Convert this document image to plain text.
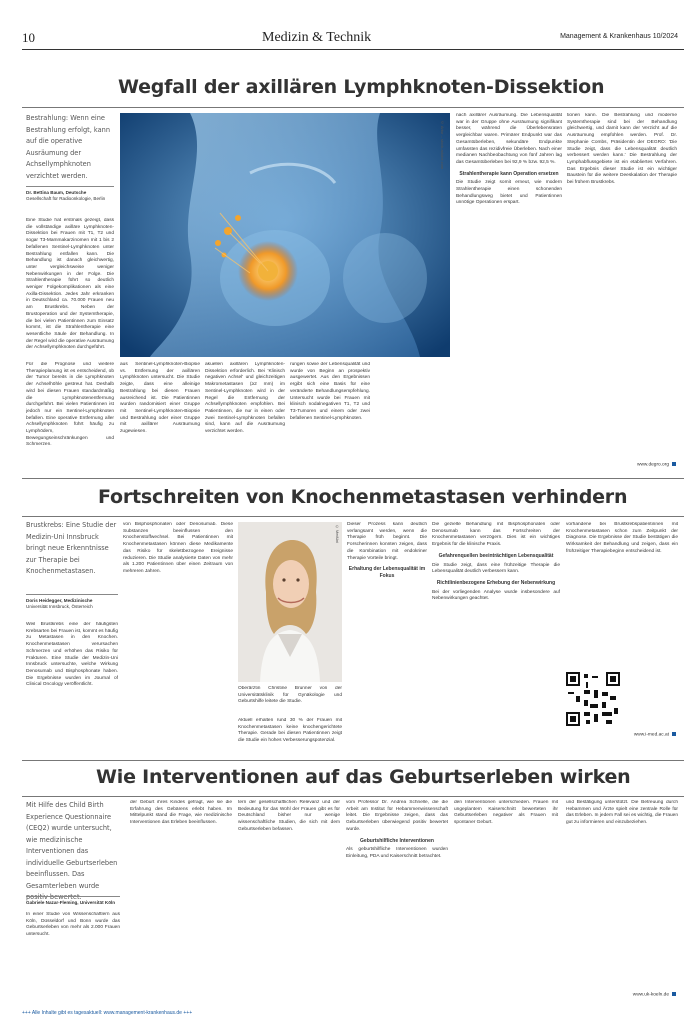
10	Medizin & Technik	Management & Krankenhaus 10/2024
Wegfall der axillären Lymphknoten-Dissektion
Bestrahlung: Wenn eine Bestrahlung erfolgt, kann auf die operative Ausräumung der Achsellymphknoten verzichtet werden.
Dr. Bettina Baum, Deutsche
Gesellschaft für Radioonkologie, Berlin
© Artur – stock.adobe.com

Eine Studie hat erstmals gezeigt, dass die vollständige axilläre Lymphknoten-Dissektion bei Frauen mit T1, T2 und sogar T3-Mammakarzinomen mit 1 bis 2 befallenen Sentinel-Lymphknoten unter Bestrahlung entfallen kann. Die Behandlung ist danach gleichwertig, unter vergleichsweise weniger Nebenwirkungen in der Folge. Die Strahlentherapie führt so deutlich weniger Folgekomplikationen als eine Axilla-Dissektion. Jedes Jahr erkranken in Deutschland ca. 70.000 Frauen neu am Brustkrebs. Neben der Brustoperation und der Systemtherapie, die bei vielen Patientinnen zum Einsatz kommt, ist die Strahlentherapie eine wesentliche Säule der Behandlung. In der Regel wird die operative Ausräumung der Achsellymphknoten durchgeführt.

Für die Prognose und weitere Therapieplanung ist es entscheidend, ob der Tumor bereits in die Lymphknoten der Achselhöhle gestreut hat. Deshalb wird bei diesen Frauen standardmäßig die Lymphknotenentfernung durchgeführt. Bei vielen Patientinnen ist jedoch nur ein Sentinel-Lymphknoten befallen. Eine operative Entfernung aller Achsellymphknoten führt häufig zu Lymphödem, Bewegungseinschränkungen und Schmerzen.

aus Sentinel-Lymphknoten-Biopsie vs. Entfernung der axillären Lymphknoten untersucht. Die Studie zeigte, dass eine alleinige Bestrahlung bei diesen Frauen ausreichend ist. Die Patientinnen wurden randomisiert einer Gruppe mit Sentinel-Lymphknoten-Biopsie und Bestrahlung oder einer Gruppe mit axillärer Ausräumung zugewiesen.

akuellen axillären Lymphknoten-Dissektion erforderlich. Bei 'Klinisch negativen Achsel' und gleichzeitigen Makrometastasen (≥2 mm) im Sentinel-Lymphknoten wird in der Regel die Entfernung der Achsellymphknoten empfohlen. Bei Patientinnen, die nur in einen oder zwei Sentinel-Lymphknoten befallen sind, kann auf die Ausräumung verzichtet werden.

rungen sowie der Lebensqualität und wurde von Beginn an prospektiv ausgewertet. Aus den Ergebnissen ergibt sich eine Basis für eine veränderte Behandlungsempfehlung. Untersucht wurde bei Frauen mit klinisch nodalnegativen T1, T2 und T3-Tumoren und einem oder zwei befallenen Sentinel-Lymphknoten.

nach axillärer Ausräumung. Die Lebensqualität war in der Gruppe ohne Ausräumung signifikant besser, während die Überlebensraten vergleichbar waren. Primärer Endpunkt war das Gesamtüberleben, sekundäre Endpunkte umfassten das rezidivfreie Überleben. Nach einer medianen Nachbeobachtung von fünf Jahren lag das Gesamtüberleben bei 92,9 % bzw. 92,5 %.

Strahlentherapie kann Operation ersetzen

Die Studie zeigt somit erneut, wie modern Strahlentherapie einen schonenden Behandlungsweg bietet und Patientinnen unnötige Operationen erspart.

tionen kann. Die Bestrahlung und moderne Systemtherapie sind bei der Behandlung gleichwertig, und damit kann der Verzicht auf die Ausräumung empfohlen werden. Prof. Dr. Stephanie Combs, Präsidentin der DEGRO: 'Die Studie zeigt, dass die Lebensqualität deutlich verbessert werden kann.' Die Bestrahlung der Lymphabflussgebiete ist ein etabliertes Verfahren. Das Ergebnis dieser Studie ist ein wichtiger Baustein für die weitere Deeskalation der Therapie bei frühem Brustkrebs.

www.degro.org
Fortschreiten von Knochenmetastasen verhindern
Brustkrebs: Eine Studie der Medizin-Uni Innsbruck bringt neue Erkenntnisse zur Therapie bei Knochenmetastasen.
Doris Heidegger, Medizinische
Universität Innsbruck, Österreich

Weil Brustkrebs eine der häufigsten Krebsarten bei Frauen ist, kommt es häufig zu Metastasen in den Knochen. Knochenmetastasen verursachen Schmerzen und erhöhen das Risiko für Frakturen. Eine Studie der Medizin-Uni Innsbruck untersuchte, welche Wirkung Denosumab und Bisphosphonate haben. Die Ergebnisse wurden im Journal of Clinical Oncology veröffentlicht.

von Bisphosphonaten oder Denosumab. Diese Substanzen beeinflussen den Knochenstoffwechsel. Bei Patientinnen mit Knochenmetastasen können diese Medikamente das Risiko für skelettbezogene Ereignisse reduzieren. Die Studie analysierte Daten von mehr als 1.200 Patientinnen über einen Zeitraum von mehreren Jahren.

© MedUni
Oberärztin Christine Brunner von der Universitätsklinik für Gynäkologie und Geburtshilfe leitete die Studie.

Aktuell erhalten rund 30 % der Frauen mit Knochenmetastasen keine knochengerichtete Therapie. Gerade bei diesen Patientinnen zeigt die Studie ein hohes Verbesserungspotenzial.

Dieser Prozess kann deutlich verlangsamt werden, wenn die Therapie früh beginnt. Die Forscherinnen konnten zeigen, dass die Kombination mit endokriner Therapie Vorteile bringt.

Erhaltung der Lebensqualität im Fokus

Die gezielte Behandlung mit Bisphosphonaten oder Denosumab kann das Fortschreiten der Knochenmetastasen verzögern. Dies ist ein wichtiges Ergebnis für die klinische Praxis.

Gefahrenquellen beeinträchtigen Lebensqualität

Die Studie zeigt, dass eine frühzeitige Therapie die Lebensqualität deutlich verbessern kann.

Richtlinienbezogene Erhebung der Nebenwirkung

Bei der vorliegenden Analyse wurde insbesondere auf Nebenwirkungen geachtet.

vorhandene bei Brustkrebspatientinnen mit Knochenmetastasen schon zum Zeitpunkt der Diagnose. Die Ergebnisse der Studie bestätigen die Wirksamkeit der Behandlung und zeigen, dass ein frühzeitiger Therapiebeginn entscheidend ist.

www.i-med.ac.at
Wie Interventionen auf das Geburtserleben wirken
Mit Hilfe des Child Birth Experience Questionnaire (CEQ2) wurde untersucht, wie medizinische Interventionen das individuelle Geburtserleben beeinflussen. Das Gesamterleben wurde positiv bewertet.
Gabriele Nazar-Fleming, Universität Köln

In einer Studie von Wissenschaftlern aus Köln, Düsseldorf und Bonn wurde das Geburtserleben von mehr als 2.000 Frauen untersucht.

der Geburt ihres Kindes gefragt, wie sie die Erfahrung des Gebärens erlebt haben. Im Mittelpunkt stand die Frage, wie medizinische Interventionen das Erleben beeinflussen.

tern der gesellschaftlichen Relevanz und der Bedeutung für das Wohl der Frauen gibt es für Deutschland bisher nur wenige wissenschaftliche Studien, die sich mit dem Geburtserleben befassen.

vom Professor Dr. Andrea Schnelle, die die Arbeit am Institut für Hebammenwissenschaft leitet. Die Ergebnisse zeigen, dass das Geburtserleben überwiegend positiv bewertet wurde.

Geburtshilfliche Interventionen

Als geburtshilfliche Interventionen wurden Einleitung, PDA und Kaiserschnitt betrachtet.

den Interventionen unterschieden. Frauen mit ungeplantem Kaiserschnitt bewerteten ihr Geburtserleben negativer als Frauen mit spontaner Geburt.

und Bestätigung unterstützt. Die Betreuung durch Hebammen und Ärzte spielt eine zentrale Rolle für das Erleben. In jedem Fall sei es wichtig, die Frauen gut zu informieren und einzubeziehen.

www.uk-koeln.de
+++ Alle Inhalte gibt es tagesaktuell: www.management-krankenhaus.de +++
